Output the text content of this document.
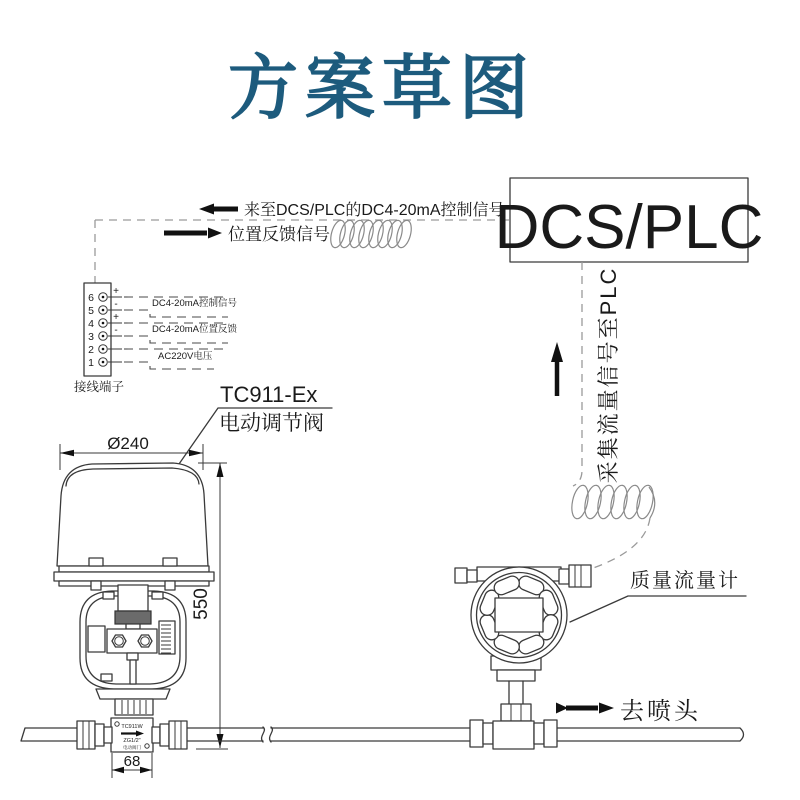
方案草图
来至DCS/PLC的DC4-20mA控制信号
位置反馈信号	DCS/PLC
采集流量信号至PLC
6
5
4
3
2
1
+
-
+
-
DC4-20mA控制信号
DC4-20mA位置反馈
AC220V电压
接线端子	TC911-Ex
电动调节阀
Ø240
550
68
TC911W
ZG1/2"
电动阀门
质量流量计
去喷头
